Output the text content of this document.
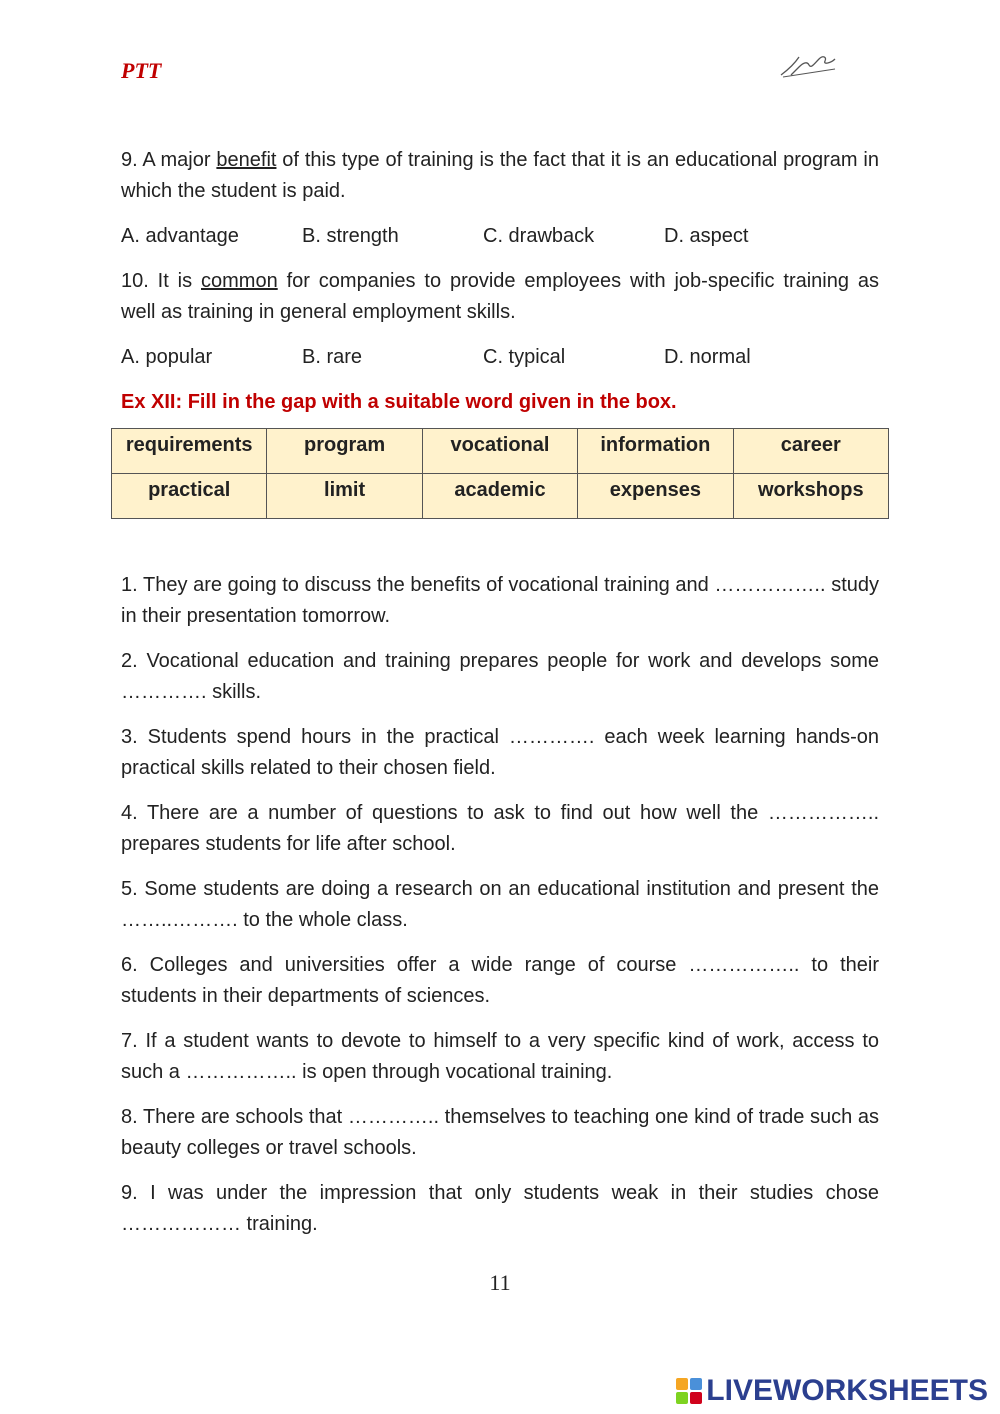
PTT

9. A major benefit of this type of training is the fact that it is an educational program in which the student is paid.

A. advantage	B. strength	C. drawback	D. aspect

10. It is common for companies to provide employees with job-specific training as well as training in general employment skills.

A. popular	B. rare	C. typical	D. normal
Ex XII: Fill in the gap with a suitable word given in the box.
requirements	program	vocational	information	career
practical	limit	academic	expenses	workshops

1. They are going to discuss the benefits of vocational training and …………….. study in their presentation tomorrow.

2. Vocational education and training prepares people for work and develops some …………. skills.

3. Students spend hours in the practical …………. each week learning hands-on practical skills related to their chosen field.

4. There are a number of questions to ask to find out how well the …………….. prepares students for life after school.

5. Some students are doing a research on an educational institution and present the ……..………. to the whole class.

6. Colleges and universities offer a wide range of course …………….. to their students in their departments of sciences.

7. If a student wants to devote to himself to a very specific kind of work, access to such a …………….. is open through vocational training.

8. There are schools that ………….. themselves to teaching one kind of trade such as beauty colleges or travel schools.

9. I was under the impression that only students weak in their studies chose ……………… training.

11
LIVEWORKSHEETS
